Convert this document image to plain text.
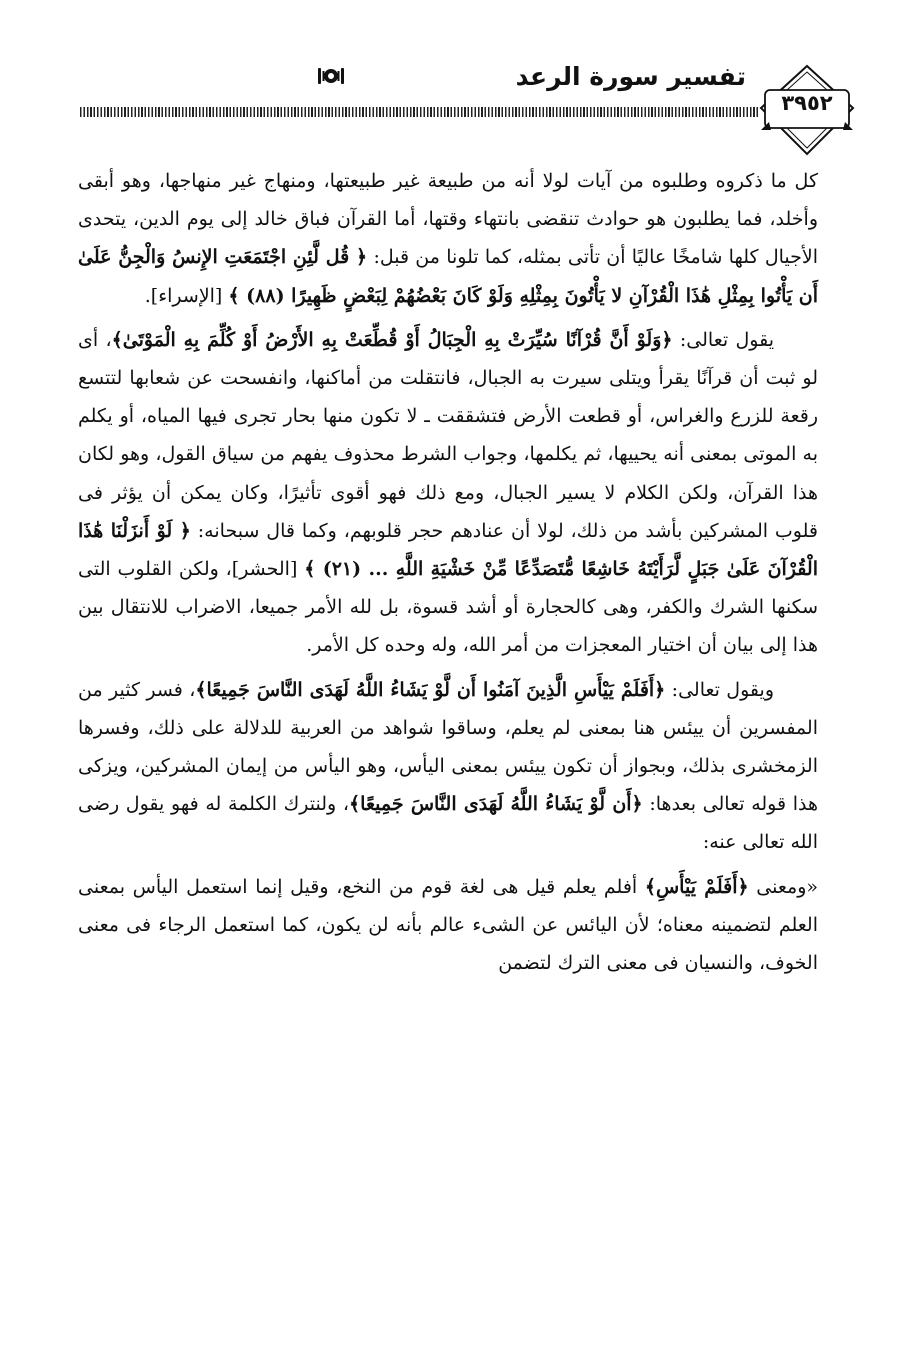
تفسير سورة الرعد
٣٩٥٢

كل ما ذكروه وطلبوه من آيات لولا أنه من طبيعة غير طبيعتها، ومنهاج غير منهاجها، وهو أبقى وأخلد، فما يطلبون هو حوادث تنقضى بانتهاء وقتها، أما القرآن فباق خالد إلى يوم الدين، يتحدى الأجيال كلها شامخًا عاليًا أن تأتى بمثله، كما تلونا من قبل: ﴿ قُل لَّئِنِ اجْتَمَعَتِ الإِنسُ وَالْجِنُّ عَلَىٰ أَن يَأْتُوا بِمِثْلِ هَٰذَا الْقُرْآنِ لا يَأْتُونَ بِمِثْلِهِ وَلَوْ كَانَ بَعْضُهُمْ لِبَعْضٍ ظَهِيرًا (٨٨) ﴾ [الإسراء].

يقول تعالى: ﴿وَلَوْ أَنَّ قُرْآنًا سُيِّرَتْ بِهِ الْجِبَالُ أَوْ قُطِّعَتْ بِهِ الأَرْضُ أَوْ كُلِّمَ بِهِ الْمَوْتَىٰ﴾، أى لو ثبت أن قرآنًا يقرأ ويتلى سيرت به الجبال، فانتقلت من أماكنها، وانفسحت عن شعابها لتتسع رقعة للزرع والغراس، أو قطعت الأرض فتشققت ـ لا تكون منها بحار تجرى فيها المياه، أو يكلم به الموتى بمعنى أنه يحييها، ثم يكلمها، وجواب الشرط محذوف يفهم من سياق القول، وهو لكان هذا القرآن، ولكن الكلام لا يسير الجبال، ومع ذلك فهو أقوى تأثيرًا، وكان يمكن أن يؤثر فى قلوب المشركين بأشد من ذلك، لولا أن عنادهم حجر قلوبهم، وكما قال سبحانه: ﴿ لَوْ أَنزَلْنَا هَٰذَا الْقُرْآنَ عَلَىٰ جَبَلٍ لَّرَأَيْتَهُ خَاشِعًا مُّتَصَدِّعًا مِّنْ خَشْيَةِ اللَّهِ ... (٢١) ﴾ [الحشر]، ولكن القلوب التى سكنها الشرك والكفر، وهى كالحجارة أو أشد قسوة، بل لله الأمر جميعا، الاضراب للانتقال بين هذا إلى بيان أن اختيار المعجزات من أمر الله، وله وحده كل الأمر.

ويقول تعالى: ﴿أَفَلَمْ يَيْأَسِ الَّذِينَ آمَنُوا أَن لَّوْ يَشَاءُ اللَّهُ لَهَدَى النَّاسَ جَمِيعًا﴾، فسر كثير من المفسرين أن ييئس هنا بمعنى لم يعلم، وساقوا شواهد من العربية للدلالة على ذلك، وفسرها الزمخشرى بذلك، وبجواز أن تكون ييئس بمعنى اليأس، وهو اليأس من إيمان المشركين، ويزكى هذا قوله تعالى بعدها: ﴿أَن لَّوْ يَشَاءُ اللَّهُ لَهَدَى النَّاسَ جَمِيعًا﴾، ولنترك الكلمة له فهو يقول رضى الله تعالى عنه:

«ومعنى ﴿أَفَلَمْ يَيْأَسِ﴾ أفلم يعلم قيل هى لغة قوم من النخع، وقيل إنما استعمل اليأس بمعنى العلم لتضمينه معناه؛ لأن اليائس عن الشىء عالم بأنه لن يكون، كما استعمل الرجاء فى معنى الخوف، والنسيان فى معنى الترك لتضمن
